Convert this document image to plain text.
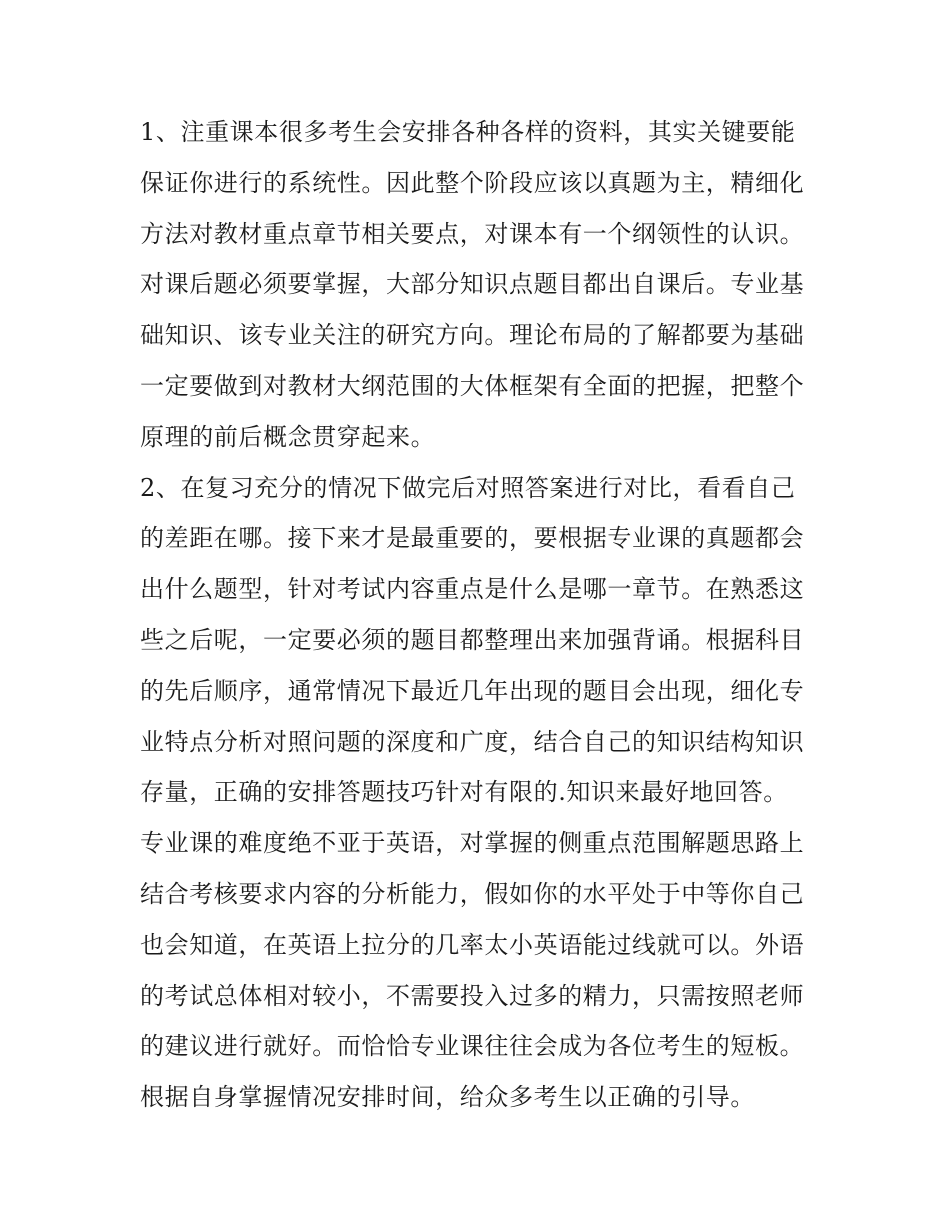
1、注重课本很多考生会安排各种各样的资料，其实关键要能
保证你进行的系统性。因此整个阶段应该以真题为主，精细化
方法对教材重点章节相关要点，对课本有一个纲领性的认识。
对课后题必须要掌握，大部分知识点题目都出自课后。专业基
础知识、该专业关注的研究方向。理论布局的了解都要为基础
一定要做到对教材大纲范围的大体框架有全面的把握，把整个
原理的前后概念贯穿起来。
2、在复习充分的情况下做完后对照答案进行对比，看看自己
的差距在哪。接下来才是最重要的，要根据专业课的真题都会
出什么题型，针对考试内容重点是什么是哪一章节。在熟悉这
些之后呢，一定要必须的题目都整理出来加强背诵。根据科目
的先后顺序，通常情况下最近几年出现的题目会出现，细化专
业特点分析对照问题的深度和广度，结合自己的知识结构知识
存量，正确的安排答题技巧针对有限的.知识来最好地回答。
专业课的难度绝不亚于英语，对掌握的侧重点范围解题思路上
结合考核要求内容的分析能力，假如你的水平处于中等你自己
也会知道，在英语上拉分的几率太小英语能过线就可以。外语
的考试总体相对较小，不需要投入过多的精力，只需按照老师
的建议进行就好。而恰恰专业课往往会成为各位考生的短板。
根据自身掌握情况安排时间，给众多考生以正确的引导。
